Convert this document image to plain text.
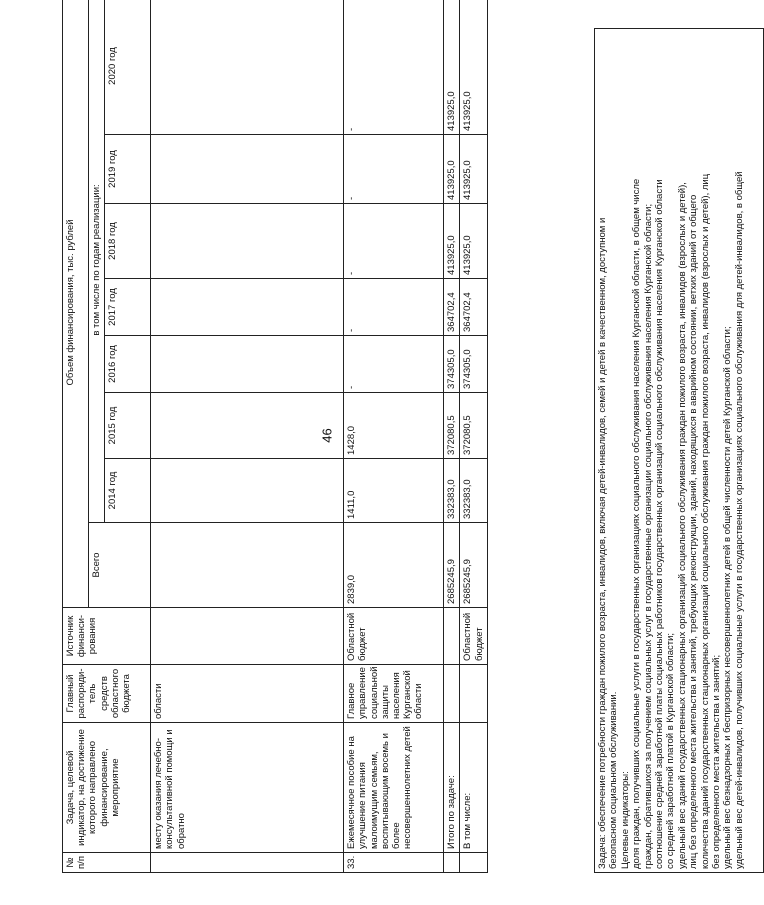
46
№ п/п	Задача, целевой индикатор, на достижение которого направлено финансирование, мероприятие	Главный распоряди-тель средств областного бюджета	Источник финанси-рования	Объем финансирования, тыс. рублей							
				Всего	в том числе по годам реализации:						
					2014 год	2015 год	2016 год	2017 год	2018 год	2019 год	2020 год
	месту оказания лечебно-консультативной помощи и обратно	области									
33.	Ежемесячное пособие на улучшение питания малоимущим семьям, воспитывающим восемь и более несовершеннолетних детей	Главное управление социальной защиты населения Курганской области	Областной бюджет	2839,0	1411,0	1428,0	-	-	-	-	-
	Итого по задаче:			2685245,9	332383,0	372080,5	374305,0	364702,4	413925,0	413925,0	413925,0
	В том числе:		Областной бюджет	2685245,9	332383,0	372080,5	374305,0	364702,4	413925,0	413925,0	413925,0
Задача: обеспечение потребности граждан пожилого возраста, инвалидов, включая детей-инвалидов, семей и детей в качественном, доступном и безопасном социальном обслуживании. Целевые индикаторы: доля граждан, получивших социальные услуги в государственных организациях социального обслуживания населения Курганской области, в общем числе граждан, обратившихся за получением социальных услуг в государственные организации социального обслуживания населения Курганской области; соотношение средней заработной платы социальных работников государственных организаций социального обслуживания населения Курганской области со средней заработной платой в Курганской области; удельный вес зданий государственных стационарных организаций социального обслуживания граждан пожилого возраста, инвалидов (взрослых и детей), лиц без определенного места жительства и занятий, требующих реконструкции, зданий, находящихся в аварийном состоянии, ветхих зданий от общего количества зданий государственных стационарных организаций социального обслуживания граждан пожилого возраста, инвалидов (взрослых и детей), лиц без определенного места жительства и занятий; удельный вес безнадзорных и беспризорных несовершеннолетних детей в общей численности детей Курганской области; удельный вес детей-инвалидов, получивших социальные услуги в государственных организациях социального обслуживания для детей-инвалидов, в общей
